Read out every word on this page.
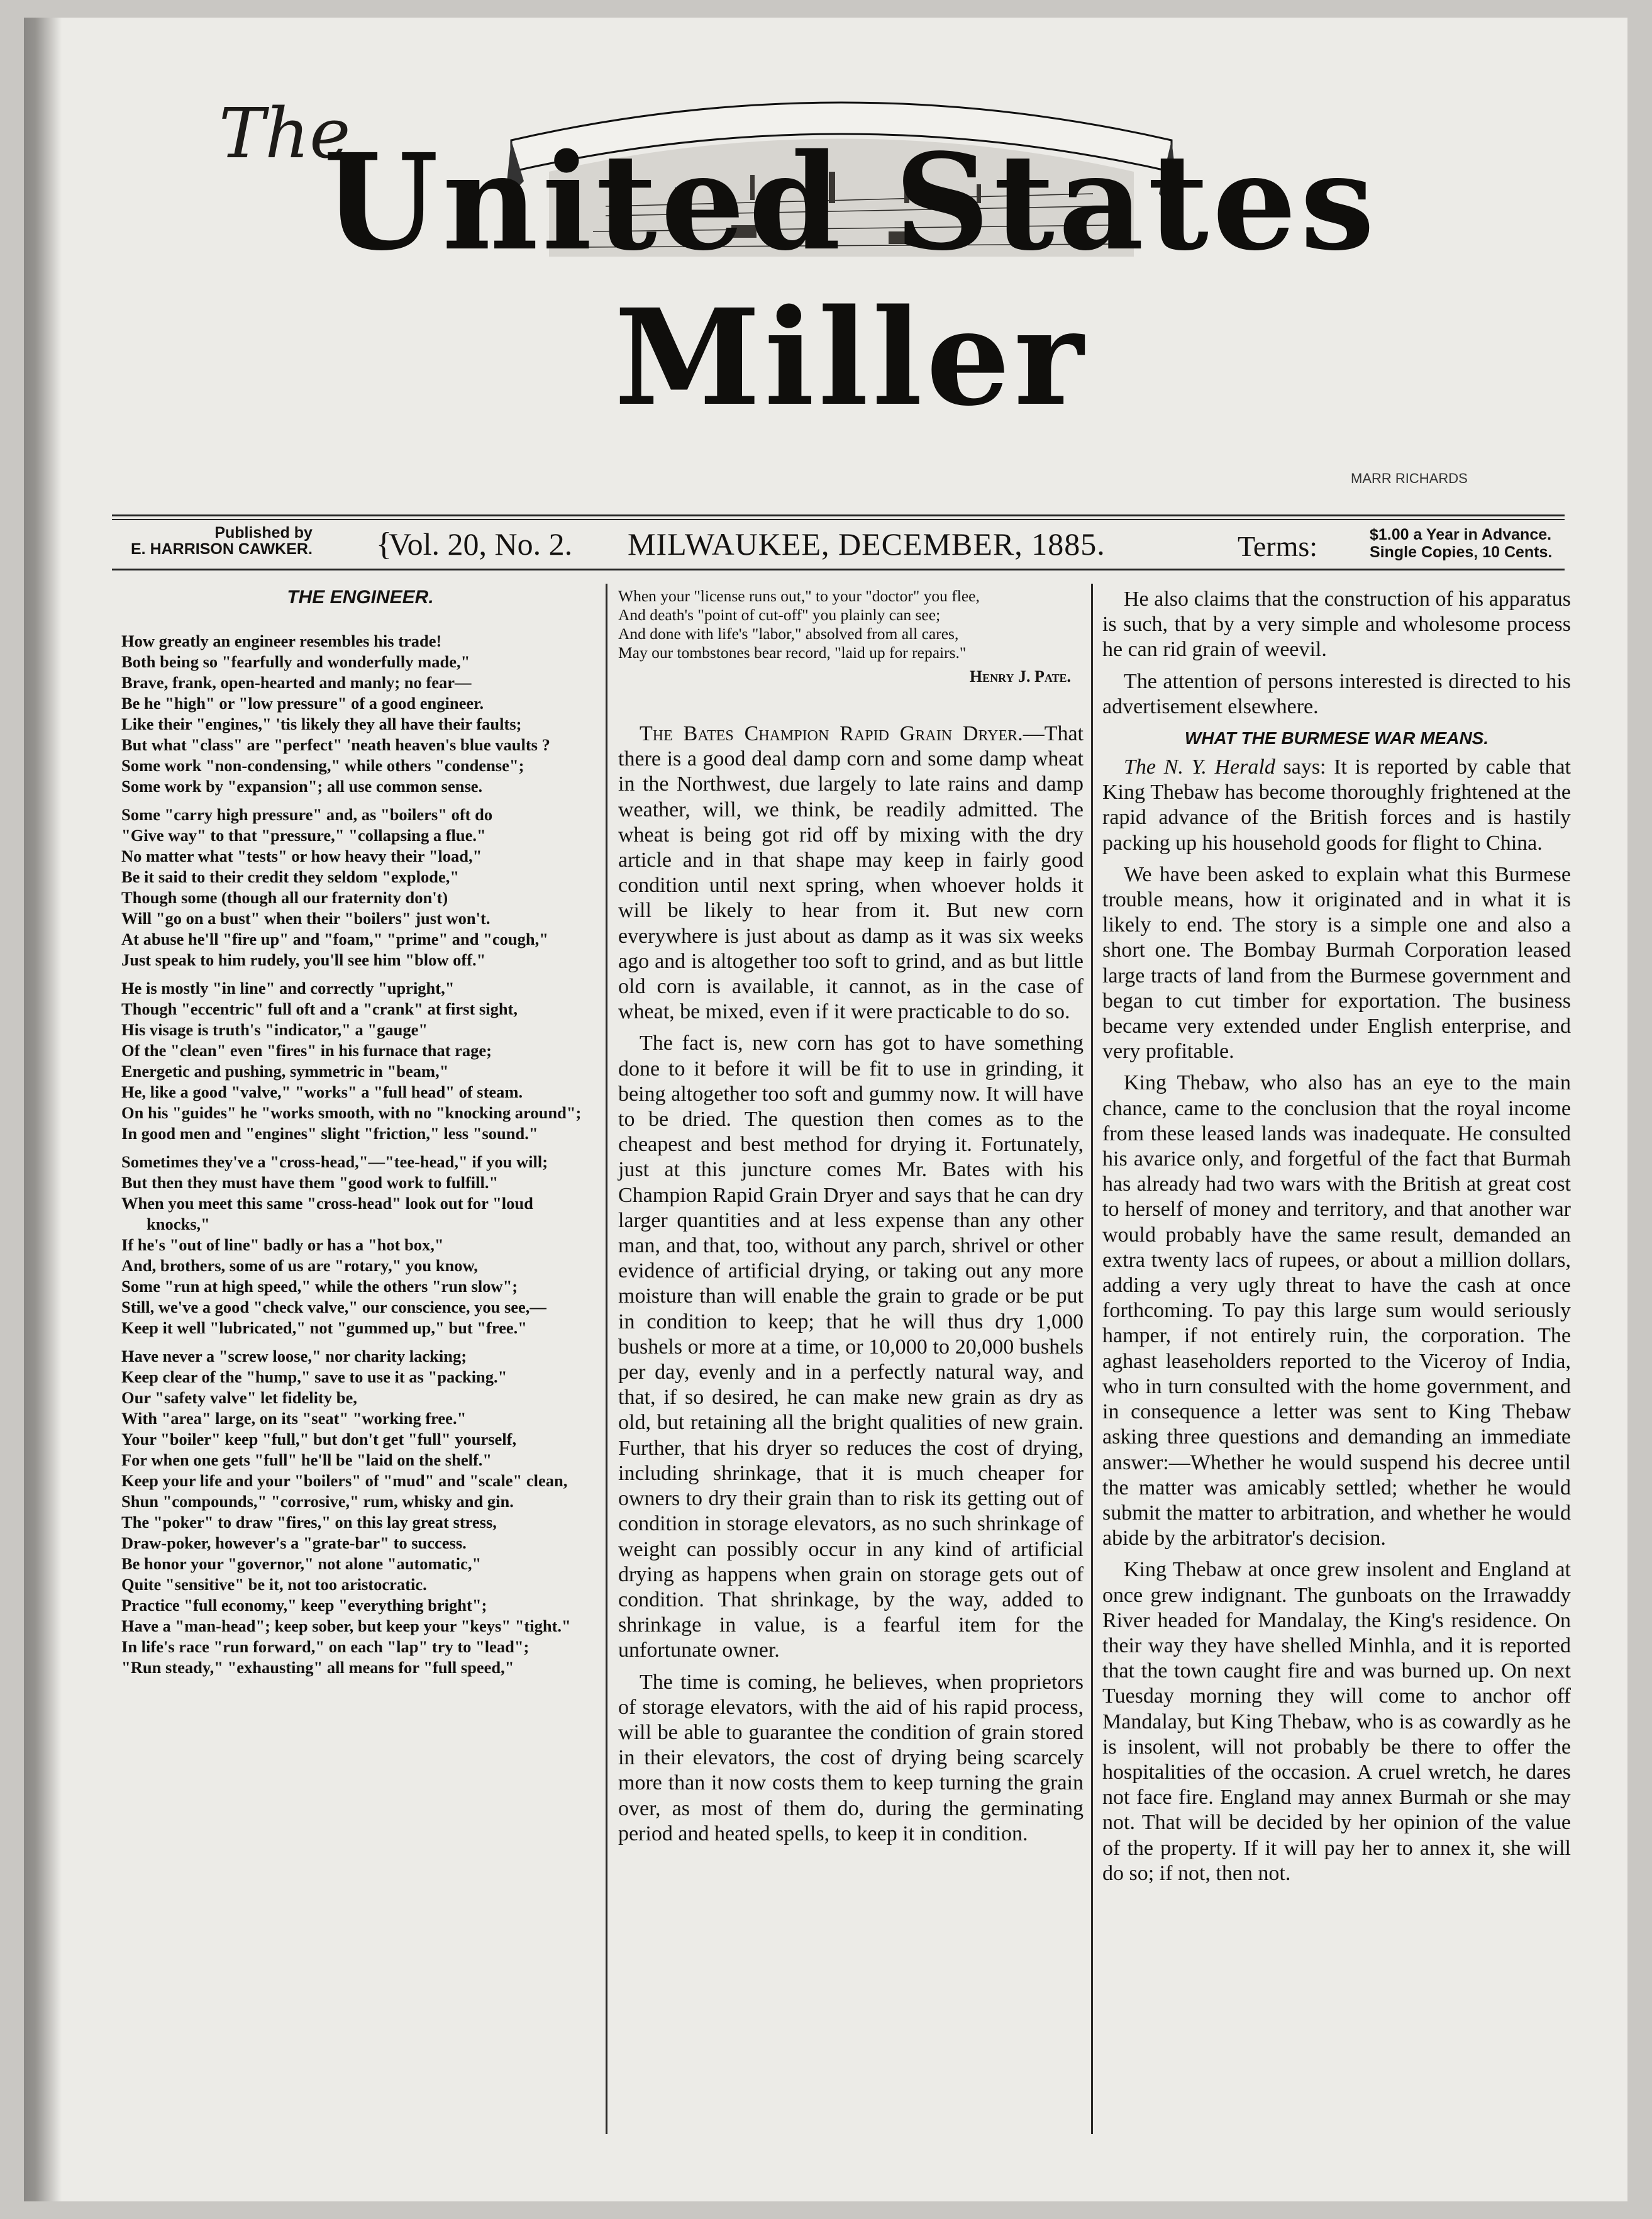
The
United States Miller
MARR RICHARDS
Published by
E. HARRISON CAWKER. {
Vol. 20, No. 2. MILWAUKEE, DECEMBER, 1885.	Terms:	$1.00 a Year in Advance.
Single Copies, 10 Cents.
THE ENGINEER.
How greatly an engineer resembles his trade!
Both being so "fearfully and wonderfully made,"
Brave, frank, open-hearted and manly; no fear—
Be he "high" or "low pressure" of a good engineer.
Like their "engines," 'tis likely they all have their faults;
But what "class" are "perfect" 'neath heaven's blue vaults ?
Some work "non-condensing," while others "condense";
Some work by "expansion"; all use common sense.
Some "carry high pressure" and, as "boilers" oft do
"Give way" to that "pressure," "collapsing a flue."
No matter what "tests" or how heavy their "load,"
Be it said to their credit they seldom "explode,"
Though some (though all our fraternity don't)
Will "go on a bust" when their "boilers" just won't.
At abuse he'll "fire up" and "foam," "prime" and "cough,"
Just speak to him rudely, you'll see him "blow off."
He is mostly "in line" and correctly "upright,"
Though "eccentric" full oft and a "crank" at first sight,
His visage is truth's "indicator," a "gauge"
Of the "clean" even "fires" in his furnace that rage;
Energetic and pushing, symmetric in "beam,"
He, like a good "valve," "works" a "full head" of steam.
On his "guides" he "works smooth, with no "knocking around";
In good men and "engines" slight "friction," less "sound."
Sometimes they've a "cross-head,"—"tee-head," if you will;
But then they must have them "good work to fulfill."
When you meet this same "cross-head" look out for "loud knocks,"
If he's "out of line" badly or has a "hot box,"
And, brothers, some of us are "rotary," you know,
Some "run at high speed," while the others "run slow";
Still, we've a good "check valve," our conscience, you see,—
Keep it well "lubricated," not "gummed up," but "free."
Have never a "screw loose," nor charity lacking;
Keep clear of the "hump," save to use it as "packing."
Our "safety valve" let fidelity be,
With "area" large, on its "seat" "working free."
Your "boiler" keep "full," but don't get "full" yourself,
For when one gets "full" he'll be "laid on the shelf."
Keep your life and your "boilers" of "mud" and "scale" clean,
Shun "compounds," "corrosive," rum, whisky and gin.
The "poker" to draw "fires," on this lay great stress,
Draw-poker, however's a "grate-bar" to success.
Be honor your "governor," not alone "automatic,"
Quite "sensitive" be it, not too aristocratic.
Practice "full economy," keep "everything bright";
Have a "man-head"; keep sober, but keep your "keys" "tight."
In life's race "run forward," on each "lap" try to "lead";
"Run steady," "exhausting" all means for "full speed,"
When your "license runs out," to your "doctor" you flee,
And death's "point of cut-off" you plainly can see;
And done with life's "labor," absolved from all cares,
May our tombstones bear record, "laid up for repairs."
Henry J. Pate.

The Bates Champion Rapid Grain Dryer.—That there is a good deal damp corn and some damp wheat in the Northwest, due largely to late rains and damp weather, will, we think, be readily admitted. The wheat is being got rid off by mixing with the dry article and in that shape may keep in fairly good condition until next spring, when whoever holds it will be likely to hear from it. But new corn everywhere is just about as damp as it was six weeks ago and is altogether too soft to grind, and as but little old corn is available, it cannot, as in the case of wheat, be mixed, even if it were practicable to do so.

The fact is, new corn has got to have something done to it before it will be fit to use in grinding, it being altogether too soft and gummy now. It will have to be dried. The question then comes as to the cheapest and best method for drying it. Fortunately, just at this juncture comes Mr. Bates with his Champion Rapid Grain Dryer and says that he can dry larger quantities and at less expense than any other man, and that, too, without any parch, shrivel or other evidence of artificial drying, or taking out any more moisture than will enable the grain to grade or be put in condition to keep; that he will thus dry 1,000 bushels or more at a time, or 10,000 to 20,000 bushels per day, evenly and in a perfectly natural way, and that, if so desired, he can make new grain as dry as old, but retaining all the bright qualities of new grain. Further, that his dryer so reduces the cost of drying, including shrinkage, that it is much cheaper for owners to dry their grain than to risk its getting out of condition in storage elevators, as no such shrinkage of weight can possibly occur in any kind of artificial drying as happens when grain on storage gets out of condition. That shrinkage, by the way, added to shrinkage in value, is a fearful item for the unfortunate owner.

The time is coming, he believes, when proprietors of storage elevators, with the aid of his rapid process, will be able to guarantee the condition of grain stored in their elevators, the cost of drying being scarcely more than it now costs them to keep turning the grain over, as most of them do, during the germinating period and heated spells, to keep it in condition.

He also claims that the construction of his apparatus is such, that by a very simple and wholesome process he can rid grain of weevil.

The attention of persons interested is directed to his advertisement elsewhere.

WHAT THE BURMESE WAR MEANS.

The N. Y. Herald says: It is reported by cable that King Thebaw has become thoroughly frightened at the rapid advance of the British forces and is hastily packing up his household goods for flight to China.

We have been asked to explain what this Burmese trouble means, how it originated and in what it is likely to end. The story is a simple one and also a short one. The Bombay Burmah Corporation leased large tracts of land from the Burmese government and began to cut timber for exportation. The business became very extended under English enterprise, and very profitable.

King Thebaw, who also has an eye to the main chance, came to the conclusion that the royal income from these leased lands was inadequate. He consulted his avarice only, and forgetful of the fact that Burmah has already had two wars with the British at great cost to herself of money and territory, and that another war would probably have the same result, demanded an extra twenty lacs of rupees, or about a million dollars, adding a very ugly threat to have the cash at once forthcoming. To pay this large sum would seriously hamper, if not entirely ruin, the corporation. The aghast leaseholders reported to the Viceroy of India, who in turn consulted with the home government, and in consequence a letter was sent to King Thebaw asking three questions and demanding an immediate answer:—Whether he would suspend his decree until the matter was amicably settled; whether he would submit the matter to arbitration, and whether he would abide by the arbitrator's decision.

King Thebaw at once grew insolent and England at once grew indignant. The gunboats on the Irrawaddy River headed for Mandalay, the King's residence. On their way they have shelled Minhla, and it is reported that the town caught fire and was burned up. On next Tuesday morning they will come to anchor off Mandalay, but King Thebaw, who is as cowardly as he is insolent, will not probably be there to offer the hospitalities of the occasion. A cruel wretch, he dares not face fire. England may annex Burmah or she may not. That will be decided by her opinion of the value of the property. If it will pay her to annex it, she will do so; if not, then not.
